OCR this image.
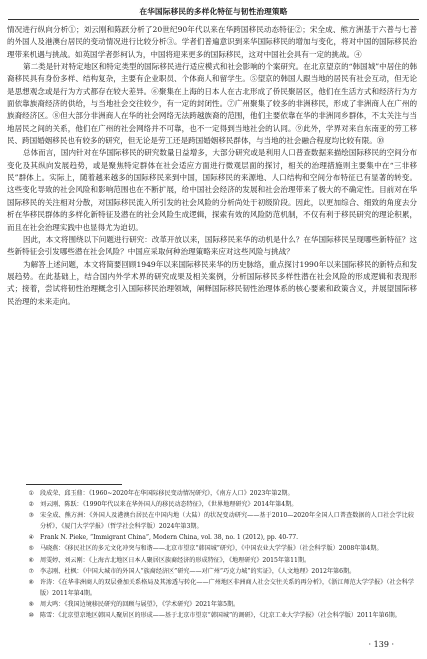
在华国际移民的多样化特征与韧性治理策略

情况进行纵向分析①；刘云刚和陈跃分析了20世纪90年代以来在华跨国移民动态特征②；宋全成、熊方洲基于六普与七普的外国人及港澳台居民的变动情况进行比较分析③。学者们普遍意识到来华国际移民的增加与变化，将对中国的国际移民治理带来机遇与挑战。如英国学者彭柯认为，中国将迎来更多的国际移民，这对中国社会具有一定的挑战。④

第二类是针对特定地区和特定类型的国际移民进行适应模式和社会影响的个案研究。在北京望京的“韩国城”中居住的韩裔移民具有身份多样、结构复杂，主要有企业职员、个体商人和留学生。⑤望京的韩国人跟当地的居民有社会互动，但无论是思想观念或是行为方式都存在较大差异。⑥聚集在上海的日本人在古北形成了侨民聚居区，他们在生活方式和经济行为方面依靠族裔经济的供给，与当地社会交往较少，有一定的封闭性。⑦广州聚集了较多的非洲移民，形成了非洲商人在广州的族裔经济区。⑧但大部分非洲商人在华的社会网络无法跨越族裔的范围，他们主要依靠在华的非洲同乡群体，不太关注与当地居民之间的关系，他们在广州的社会网络并不可靠，也不一定得到当地社会的认同。⑨此外，学界对来自东南亚的劳工移民、跨国婚姻移民也有较多的研究，但无论是劳工还是跨国婚姻移民群体，与当地的社会融合程度均比较有限。⑩

总体而言，国内针对在华国际移民的研究数量日益增多，大部分研究或是利用人口普查数据来描绘国际移民的空间分布变化及其纵向发展趋势，或是聚焦特定群体在社会适应方面进行微观层面的探讨，相关的治理措施则主要集中在“三非移民”群体上。实际上，随着越来越多的国际移民来到中国，国际移民的来源地、人口结构和空间分布特征已有显著的转变。这些变化导致的社会风险和影响范围也在不断扩展，给中国社会经济的发展和社会治理带来了极大的不确定性。目前对在华国际移民的关注相对分散，对国际移民流入所引发的社会风险的分析尚处于初级阶段。因此，以更加综合、细致的角度去分析在华移民群体的多样化新特征及潜在的社会风险生成逻辑，探索有效的风险防范机制，不仅有利于移民研究的理论积累，而且在社会治理实践中也显得尤为迫切。

因此，本文将围绕以下问题进行研究：改革开放以来，国际移民来华的动机是什么？在华国际移民呈现哪些新特征？这些新特征会引发哪些潜在社会风险？中国应采取何种治理策略来应对这些风险与挑战？

为解答上述问题，本文将简要回顾1949年以来国际移民来华的历史脉络，重点探讨1990年以来国际移民的新特点和发展趋势。在此基础上，结合国内外学术界的研究成果及相关案例，分析国际移民多样性潜在社会风险的形成逻辑和表现形式；接着，尝试将韧性治理概念引入国际移民治理领域，阐释国际移民韧性治理体系的核心要素和政策含义，并展望国际移民治理的未来走向。

① 段成荣、邱玉鼎：《1960~2020年在华国际移民变动情况研究》，《南方人口》2023年第2期。
② 刘云刚、陈跃：《1990年代以来在华外国人的移民动态特征》，《世界地理研究》2014年第4期。
③ 宋全成、熊方洲：《外国人及港澳台居民在中国内地（大陆）的状况变动研究——基于2010—2020年全国人口普查数据的人口社会学比较分析》，《厦门大学学报》（哲学社会科学版）2024年第3期。
④ Frank N. Pieke, “Immigrant China”, Modern China, vol. 38, no. 1 (2012), pp. 40-77.
⑤ 马晓燕：《移民社区的多元文化冲突与和谐——北京市望京“韩国城”研究》，《中国农业大学学报》（社会科学版）2008年第4期。
⑥ 周雯婷、刘云刚：《上海古北地区日本人聚居区族裔经济的形成特征》，《地理研究》2015年第11期。
⑦ 李志刚、杜枫：《中国大城市的外国人“族裔经济区”研究——对广州“巧克力城”的实证》，《人文地理》2012年第6期。
⑧ 许涛：《在华非洲商人的双层叠加关系格局及其渗透与转化——广州地区非洲商人社会交往关系的再分析》，《浙江师范大学学报》（社会科学版）2011年第4期。
⑨ 周大鸣：《我国边境移民研究的回顾与展望》，《学术研究》2021年第5期。
⑩ 陈雪：《北京望京地区韩国人聚居区的形成——基于北京市望京“韩国城”的调研》，《北京工业大学学报》（社会科学版）2011年第6期。
· 139 ·
